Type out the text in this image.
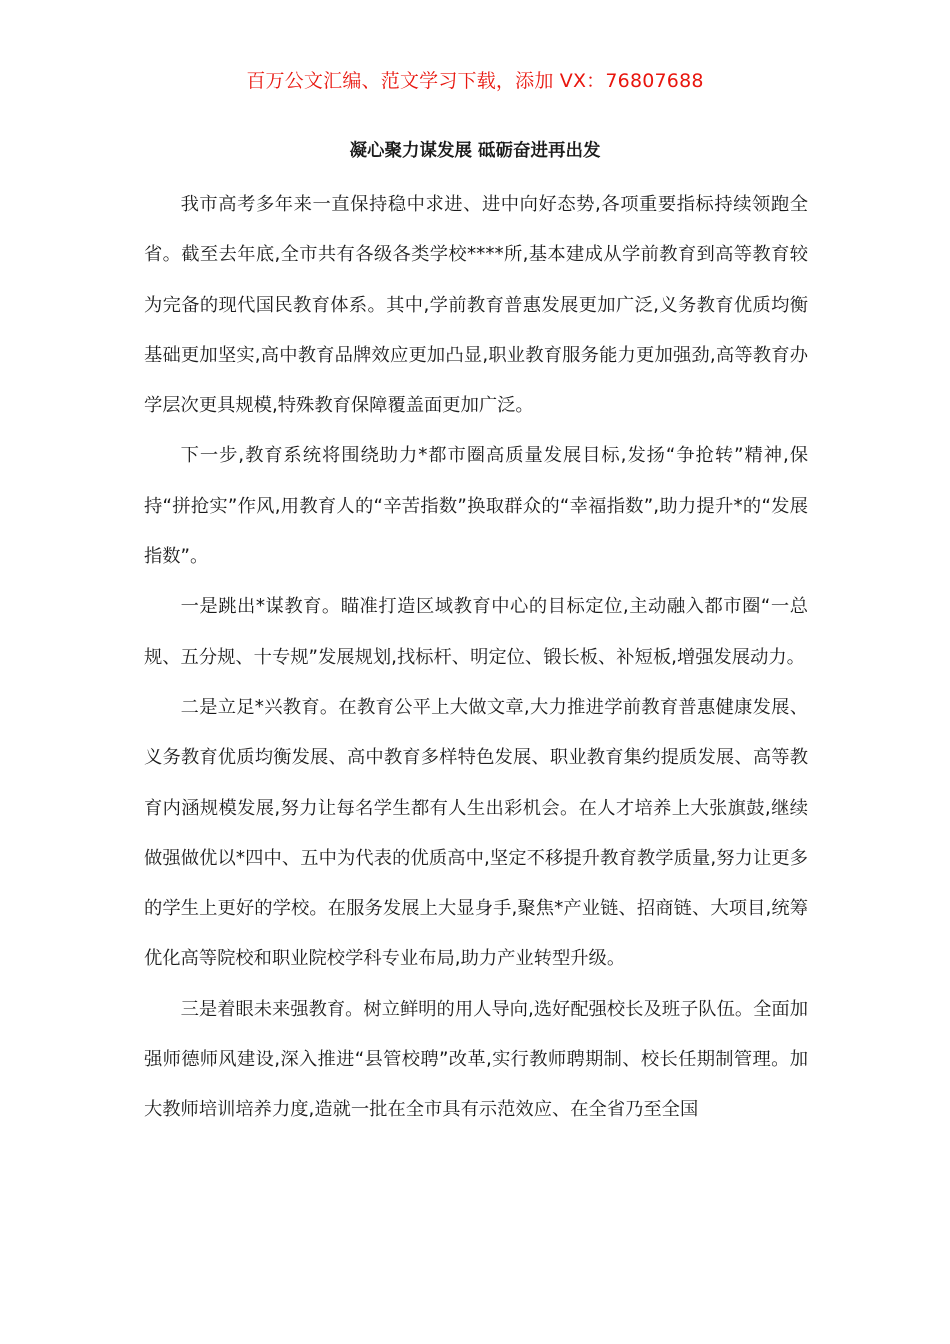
百万公文汇编、范文学习下载，添加 VX：76807688
凝心聚力谋发展 砥砺奋进再出发

我市高考多年来一直保持稳中求进、进中向好态势,各项重要指标持续领跑全省。截至去年底,全市共有各级各类学校****所,基本建成从学前教育到高等教育较为完备的现代国民教育体系。其中,学前教育普惠发展更加广泛,义务教育优质均衡基础更加坚实,高中教育品牌效应更加凸显,职业教育服务能力更加强劲,高等教育办学层次更具规模,特殊教育保障覆盖面更加广泛。

下一步,教育系统将围绕助力*都市圈高质量发展目标,发扬“争抢转”精神,保持“拼抢实”作风,用教育人的“辛苦指数”换取群众的“幸福指数”,助力提升*的“发展指数”。

一是跳出*谋教育。瞄准打造区域教育中心的目标定位,主动融入都市圈“一总规、五分规、十专规”发展规划,找标杆、明定位、锻长板、补短板,增强发展动力。

二是立足*兴教育。在教育公平上大做文章,大力推进学前教育普惠健康发展、义务教育优质均衡发展、高中教育多样特色发展、职业教育集约提质发展、高等教育内涵规模发展,努力让每名学生都有人生出彩机会。在人才培养上大张旗鼓,继续做强做优以*四中、五中为代表的优质高中,坚定不移提升教育教学质量,努力让更多的学生上更好的学校。在服务发展上大显身手,聚焦*产业链、招商链、大项目,统筹优化高等院校和职业院校学科专业布局,助力产业转型升级。

三是着眼未来强教育。树立鲜明的用人导向,选好配强校长及班子队伍。全面加强师德师风建设,深入推进“县管校聘”改革,实行教师聘期制、校长任期制管理。加大教师培训培养力度,造就一批在全市具有示范效应、在全省乃至全国
